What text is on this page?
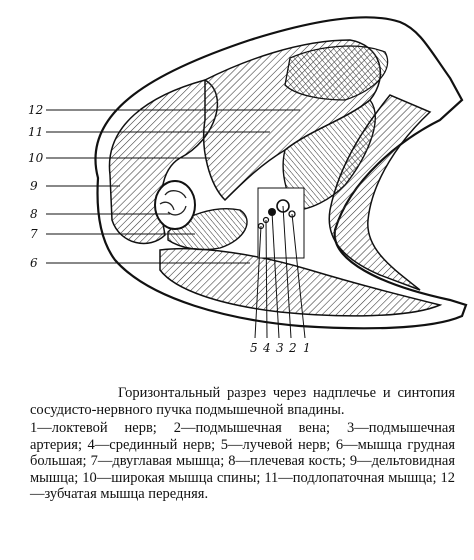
12
11
10
9
8
7
6
5 4 3 2 1
Горизонтальный разрез через надплечье и синтопия сосудисто-нервного пучка подмышечной впадины.
1—локтевой нерв; 2—подмышечная вена; 3—подмышечная артерия; 4—срединный нерв; 5—лучевой нерв; 6—мышца грудная большая; 7—двуглавая мышца; 8—плечевая кость; 9—дельтовидная мышца; 10—широкая мышца спины; 11—подлопаточная мышца; 12—зубчатая мышца передняя.
